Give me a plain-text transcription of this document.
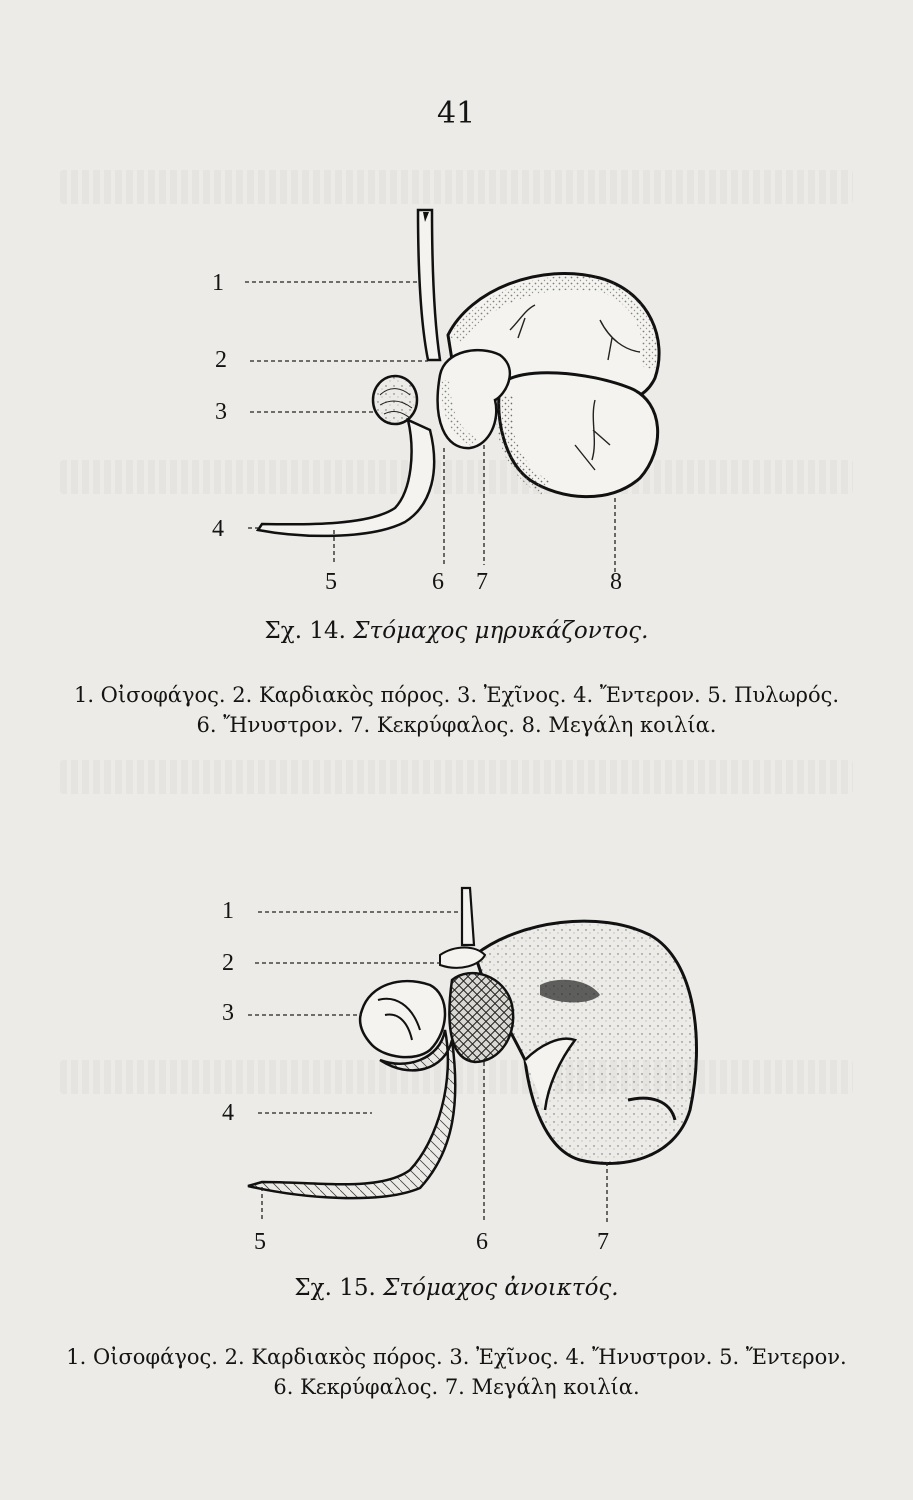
41
1
2
3
4
5	6 7	8
Σχ. 14. Στόμαχος μηρυκάζοντος.
1. Οἰσοφάγος. 2. Καρδιακὸς πόρος. 3. Ἐχῖνος. 4. Ἔντερον. 5. Πυλωρός.
6. Ἤνυστρον. 7. Κεκρύφαλος. 8. Μεγάλη κοιλία.
1
2
3
4
5	6	7
Σχ. 15. Στόμαχος ἀνοικτός.
1. Οἰσοφάγος. 2. Καρδιακὸς πόρος. 3. Ἐχῖνος. 4. Ἤνυστρον. 5. Ἔντερον.
6. Κεκρύφαλος. 7. Μεγάλη κοιλία.
